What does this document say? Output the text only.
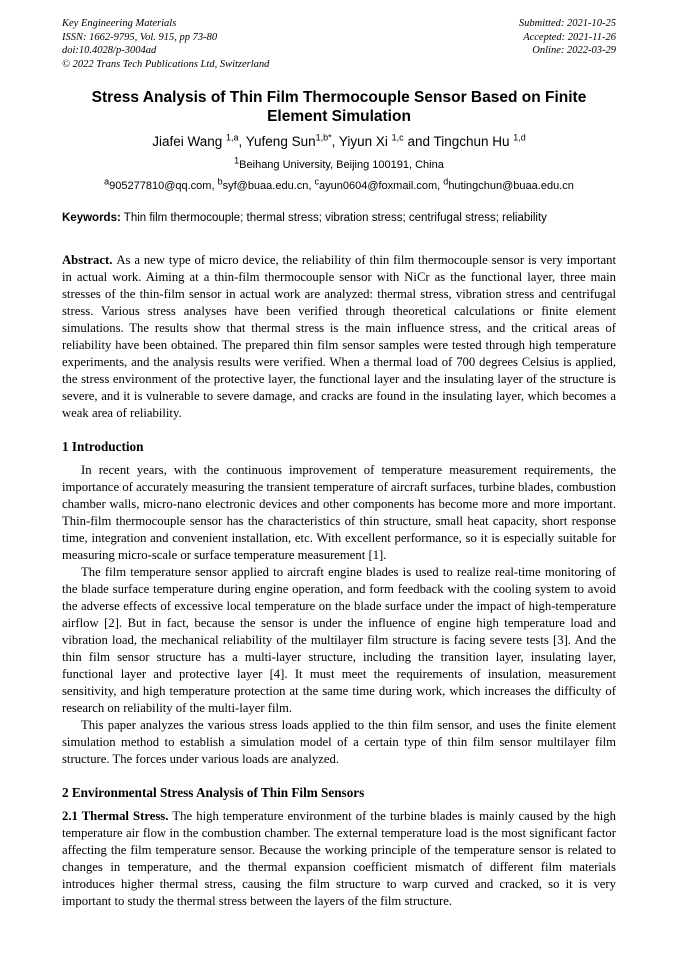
Key Engineering Materials
ISSN: 1662-9795, Vol. 915, pp 73-80
doi:10.4028/p-3004ad
© 2022 Trans Tech Publications Ltd, Switzerland
Submitted: 2021-10-25
Accepted: 2021-11-26
Online: 2022-03-29
Stress Analysis of Thin Film Thermocouple Sensor Based on Finite Element Simulation
Jiafei Wang $^{1,a}$, Yufeng Sun$^{1,b*}$, Yiyun Xi $^{1,c}$ and Tingchun Hu $^{1,d}$
$^1$Beihang University, Beijing 100191, China
$^a$905277810@qq.com, $^b$syf@buaa.edu.cn, $^c$ayun0604@foxmail.com, $^d$hutingchun@buaa.edu.cn
Keywords: Thin film thermocouple; thermal stress; vibration stress; centrifugal stress; reliability

Abstract. As a new type of micro device, the reliability of thin film thermocouple sensor is very important in actual work. Aiming at a thin-film thermocouple sensor with NiCr as the functional layer, three main stresses of the thin-film sensor in actual work are analyzed: thermal stress, vibration stress and centrifugal stress. Various stress analyses have been verified through theoretical calculations or finite element simulations. The results show that thermal stress is the main influence stress, and the critical areas of reliability have been obtained. The prepared thin film sensor samples were tested through high temperature experiments, and the analysis results were verified. When a thermal load of 700 degrees Celsius is applied, the stress environment of the protective layer, the functional layer and the insulating layer of the structure is severe, and it is vulnerable to severe damage, and cracks are found in the insulating layer, which becomes a weak area of reliability.

1 Introduction

In recent years, with the continuous improvement of temperature measurement requirements, the importance of accurately measuring the transient temperature of aircraft surfaces, turbine blades, combustion chamber walls, micro-nano electronic devices and other components has become more and more important. Thin-film thermocouple sensor has the characteristics of thin structure, small heat capacity, short response time, integration and convenient installation, etc. With excellent performance, so it is especially suitable for measuring micro-scale or surface temperature measurement [1].

The film temperature sensor applied to aircraft engine blades is used to realize real-time monitoring of the blade surface temperature during engine operation, and form feedback with the cooling system to avoid the adverse effects of excessive local temperature on the blade surface under the impact of high-temperature airflow [2]. But in fact, because the sensor is under the influence of engine high temperature load and vibration load, the mechanical reliability of the multilayer film structure is facing severe tests [3]. And the thin film sensor structure has a multi-layer structure, including the transition layer, insulating layer, functional layer and protective layer [4]. It must meet the requirements of insulation, measurement sensitivity, and high temperature protection at the same time during work, which increases the difficulty of research on reliability of the multi-layer film.

This paper analyzes the various stress loads applied to the thin film sensor, and uses the finite element simulation method to establish a simulation model of a certain type of thin film sensor multilayer film structure. The forces under various loads are analyzed.

2 Environmental Stress Analysis of Thin Film Sensors

2.1 Thermal Stress. The high temperature environment of the turbine blades is mainly caused by the high temperature air flow in the combustion chamber. The external temperature load is the most significant factor affecting the film temperature sensor. Because the working principle of the temperature sensor is related to changes in temperature, and the thermal expansion coefficient mismatch of different film materials introduces higher thermal stress, causing the film structure to warp curved and cracked, so it is very important to study the thermal stress between the layers of the film structure.
